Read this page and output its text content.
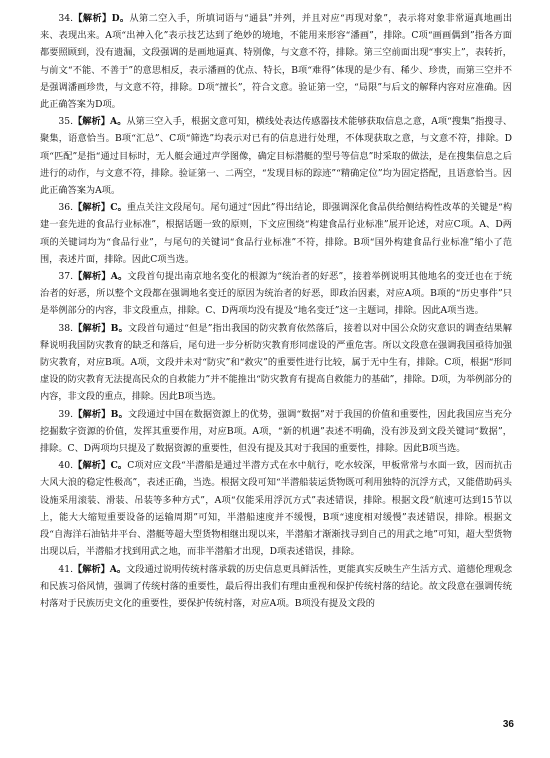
34.【解析】D。从第二空入手，所填词语与“通县”并列，并且对应“再现对象”，表示将对象非常逼真地画出来、表现出来。A项“出神入化”表示技艺达到了绝妙的境地，不能用来形容“潘画”，排除。C项“画画偶到”指各方面都要照顾到，没有遗漏，文段强调的是画地逼真、特别像，与文意不符，排除。第三空前面出现“事实上”，表转折，与前文“不能、不善于”的意思相反，表示潘画的优点、特长，B项“难得”体现的是少有、稀少、珍贵，而第三空并不是强调潘画珍贵，与文意不符，排除。D项“擅长”，符合文意。验证第一空，“局限”与后文的解释内容对应准确。因此正确答案为D项。

35.【解析】A。从第三空入手，根据文意可知，横线处表达传感器技术能够获取信息之意，A项“搜集”指搜寻、聚集，语意恰当。B项“汇总”、C项“筛选”均表示对已有的信息进行处理，不体现获取之意，与文意不符，排除。D项“匹配”是指“通过目标时，无人艇会通过声学图像，确定目标潜艇的型号等信息”时采取的做法，是在搜集信息之后进行的动作，与文意不符，排除。验证第一、二两空，“发现目标的踪迹”“精确定位”均为固定搭配，且语意恰当。因此正确答案为A项。

36.【解析】C。重点关注文段尾句。尾句通过“因此”得出结论，即强调深化食品供给侧结构性改革的关键是“构建一套先进的食品行业标准”，根据话题一致的原则，下文应围绕“构建食品行业标准”展开论述，对应C项。A、D两项的关键词均为“食品行业”，与尾句的关键词“食品行业标准”不符，排除。B项“国外构建食品行业标准”缩小了范围，表述片面，排除。因此C项当选。

37.【解析】A。文段首句提出南京地名变化的根源为“统治者的好恶”，接着举例说明其他地名的变迁也在于统治者的好恶，所以整个文段都在强调地名变迁的原因为统治者的好恶，即政治因素，对应A项。B项的“历史事件”只是举例部分的内容，非文段重点，排除。C、D两项均没有提及“地名变迁”这一主题词，排除。因此A项当选。

38.【解析】B。文段首句通过“但是”指出我国的防灾教育依然落后，接着以对中国公众防灾意识的调查结果解释说明我国防灾教育的缺乏和落后，尾句进一步分析防灾教育形同虚设的严重危害。所以文段意在强调我国亟待加强防灾教育，对应B项。A项，文段并未对“防灾”和“救灾”的重要性进行比较，属于无中生有，排除。C项，根据“形同虚设的防灾教育无法提高民众的自救能力”并不能推出“防灾教育有提高自救能力的基础”，排除。D项，为举例部分的内容，非文段的重点，排除。因此B项当选。

39.【解析】B。文段通过中国在数据资源上的优势，强调“数据”对于我国的价值和重要性，因此我国应当充分挖掘数字资源的价值，发挥其重要作用，对应B项。A项，“新的机遇”表述不明确，没有涉及到文段关键词“数据”，排除。C、D两项均只提及了数据资源的重要性，但没有提及其对于我国的重要性，排除。因此B项当选。

40.【解析】C。C项对应文段“半潜船是通过半潜方式在水中航行，吃水较深，甲板常常与水面一致，因而抗击大风大浪的稳定性极高”，表述正确，当选。根据文段可知“半潜船装运货物既可利用独特的沉浮方式，又能借助码头设施采用滚装、滑装、吊装等多种方式”，A项“仅能采用浮沉方式”表述错误，排除。根据文段“航速可达到15节以上，能大大缩短重要设备的运输周期”可知，半潜船速度并不缓慢，B项“速度相对缓慢”表述错误，排除。根据文段“自海洋石油钻井平台、潜艇等超大型货物相继出现以来，半潜船才渐渐找寻到自己的用武之地”可知，超大型货物出现以后，半潜船才找到用武之地，而非半潜船才出现，D项表述错误，排除。

41.【解析】A。文段通过说明传统村落承载的历史信息更具鲜活性，更能真实反映生产生活方式、道德伦理观念和民族习俗风情，强调了传统村落的重要性，最后得出我们有理由重视和保护传统村落的结论。故文段意在强调传统村落对于民族历史文化的重要性，要保护传统村落，对应A项。B项没有提及文段的

36
